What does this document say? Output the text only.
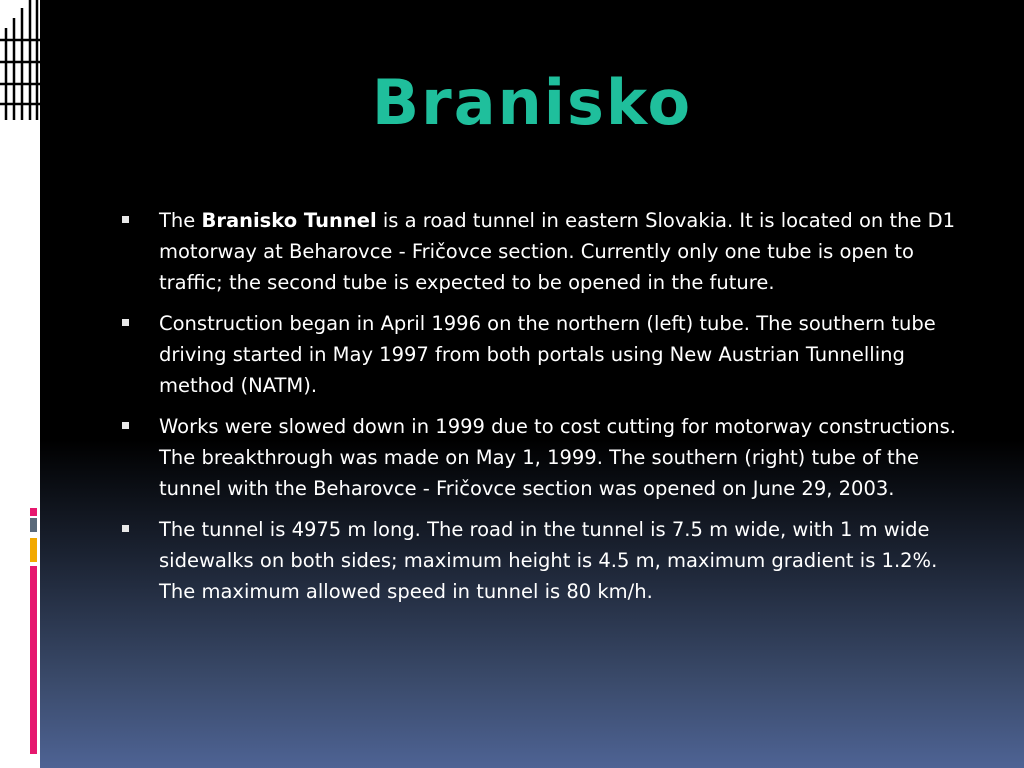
Branisko
The Branisko Tunnel is a road tunnel in eastern Slovakia. It is located on the D1 motorway at Beharovce - Fričovce section. Currently only one tube is open to traffic; the second tube is expected to be opened in the future.
Construction began in April 1996 on the northern (left) tube. The southern tube driving started in May 1997 from both portals using New Austrian Tunnelling method (NATM).
Works were slowed down in 1999 due to cost cutting for motorway constructions. The breakthrough was made on May 1, 1999. The southern (right) tube of the tunnel with the Beharovce - Fričovce section was opened on June 29, 2003.
The tunnel is 4975 m long. The road in the tunnel is 7.5 m wide, with 1 m wide sidewalks on both sides; maximum height is 4.5 m, maximum gradient is 1.2%. The maximum allowed speed in tunnel is 80 km/h.
